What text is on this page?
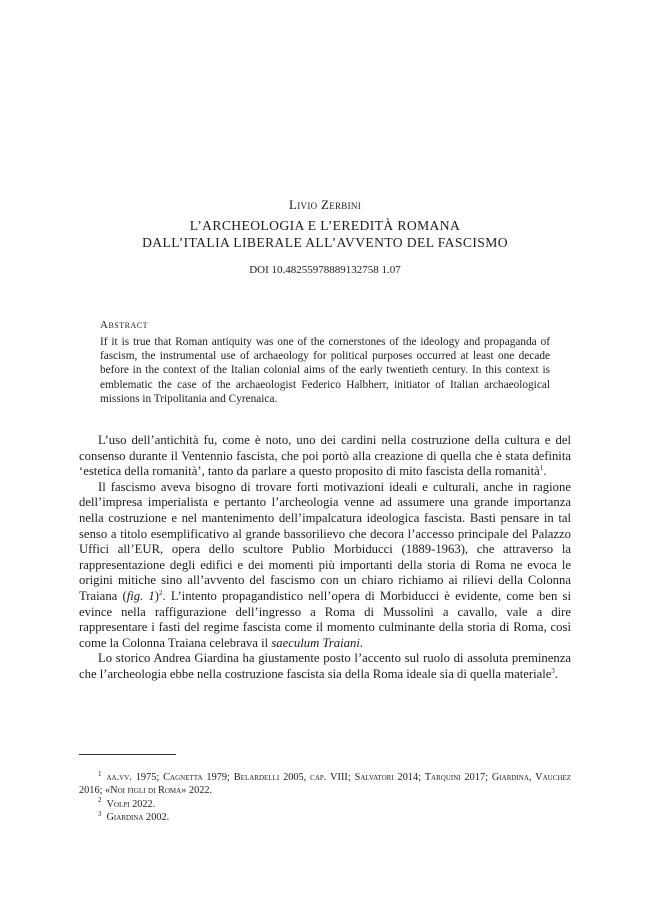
Livio Zerbini
L’ARCHEOLOGIA E L’EREDITÀ ROMANA
DALL’ITALIA LIBERALE ALL’AVVENTO DEL FASCISMO
DOI 10.48255978889132758 1.07
Abstract
If it is true that Roman antiquity was one of the cornerstones of the ideology and propaganda of fascism, the instrumental use of archaeology for political purposes occurred at least one decade before in the context of the Italian colonial aims of the early twentieth century. In this context is emblematic the case of the archaeologist Federico Halbherr, initiator of Italian archaeological missions in Tripolitania and Cyrenaica.

L’uso dell’antichità fu, come è noto, uno dei cardini nella costruzione della cultura e del consenso durante il Ventennio fascista, che poi portò alla creazione di quella che è stata definita ‘estetica della romanità’, tanto da parlare a questo proposito di mito fascista della romanità$^1$.

Il fascismo aveva bisogno di trovare forti motivazioni ideali e culturali, anche in ragione dell’impresa imperialista e pertanto l’archeologia venne ad assumere una grande importanza nella costruzione e nel mantenimento dell’impalcatura ideologica fascista. Basti pensare in tal senso a titolo esemplificativo al grande bassorilievo che decora l’accesso principale del Palazzo Uffici all’EUR, opera dello scultore Publio Morbiducci (1889-1963), che attraverso la rappresentazione degli edifici e dei momenti più importanti della storia di Roma ne evoca le origini mitiche sino all’avvento del fascismo con un chiaro richiamo ai rilievi della Colonna Traiana (fig. 1)$^2$. L’intento propagandistico nell’opera di Morbiducci è evidente, come ben si evince nella raffigurazione dell’ingresso a Roma di Mussolini a cavallo, vale a dire rappresentare i fasti del regime fascista come il momento culminante della storia di Roma, così come la Colonna Traiana celebrava il saeculum Traiani.

Lo storico Andrea Giardina ha giustamente posto l’accento sul ruolo di assoluta preminenza che l’archeologia ebbe nella costruzione fascista sia della Roma ideale sia di quella materiale$^3$.

$^1$ aa.vv. 1975; Cagnetta 1979; Belardelli 2005, cap. VIII; Salvatori 2014; Tarquini 2017; Giardina, Vauchez 2016; «Noi figli di Roma» 2022.

$^2$ Volpi 2022.

$^3$ Giardina 2002.
